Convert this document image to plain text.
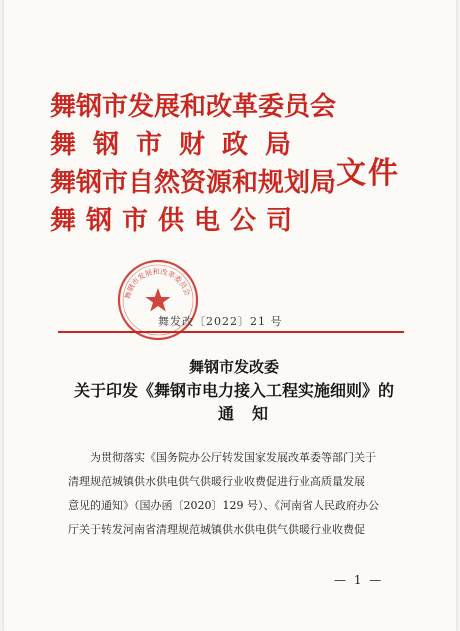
舞钢市发展和改革委员会
舞钢市财政局
舞钢市自然资源和规划局
舞钢市供电公司
文件
舞钢市发展和改革委员会
舞发改〔2022〕21 号
舞钢市发改委
关于印发《舞钢市电力接入工程实施细则》的
通知
为贯彻落实《国务院办公厅转发国家发展改革委等部门关于
清理规范城镇供水供电供气供暖行业收费促进行业高质量发展
意见的通知》（国办函〔2020〕129 号）、《河南省人民政府办公
厅关于转发河南省清理规范城镇供水供电供气供暖行业收费促
— 1 —
